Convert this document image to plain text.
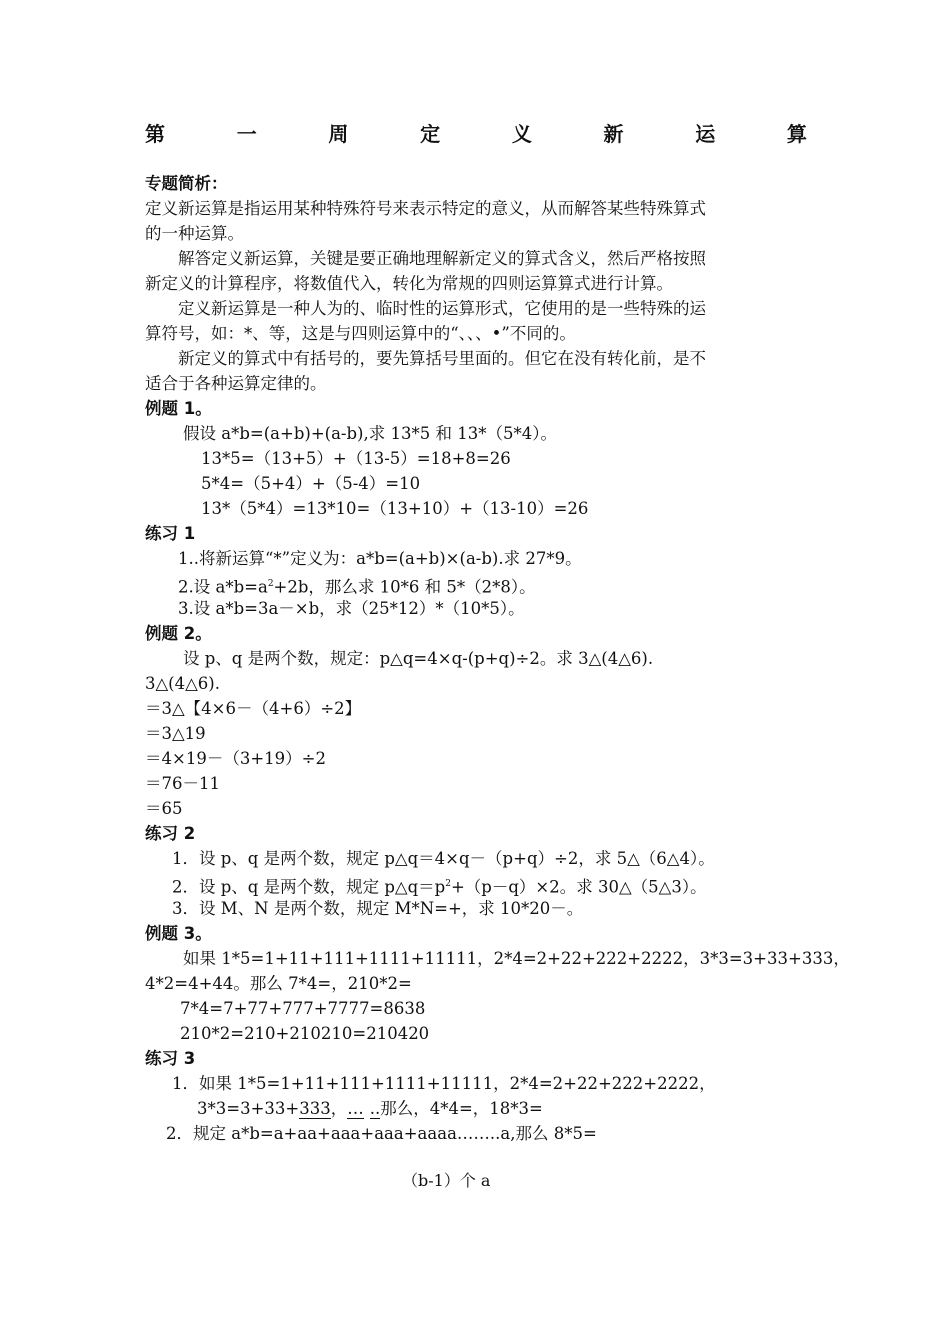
第	一	周	定	义	新	运	算
专题简析：
定义新运算是指运用某种特殊符号来表示特定的意义，从而解答某些特殊算式
的一种运算。
解答定义新运算，关键是要正确地理解新定义的算式含义，然后严格按照
新定义的计算程序，将数值代入，转化为常规的四则运算算式进行计算。
定义新运算是一种人为的、临时性的运算形式，它使用的是一些特殊的运
算符号，如：*、等，这是与四则运算中的“、、、•”不同的。
新定义的算式中有括号的，要先算括号里面的。但它在没有转化前，是不
适合于各种运算定律的。
例题 1。
假设 a*b=(a+b)+(a-b),求 13*5 和 13*（5*4）。
13*5=（13+5）+（13-5）=18+8=26
5*4=（5+4）+（5-4）=10
13*（5*4）=13*10=（13+10）+（13-10）=26
练习 1
1..将新运算“*”定义为：a*b=(a+b)×(a-b).求 27*9。
2.设 $a*b=a^2+2b$，那么求 10*6 和 5*（2*8）。
3.设 a*b=3a－×b，求（25*12）*（10*5）。
例题 2。
设 p、q 是两个数，规定：p△q=4×q-(p+q)÷2。求 3△(4△6).
3△(4△6).
＝3△【4×6－（4+6）÷2】
＝3△19
＝4×19－（3+19）÷2
＝76－11
＝65
练习 2
1．设 p、q 是两个数，规定 p△q＝4×q－（p+q）÷2，求 5△（6△4）。
2．设 p、q 是两个数，规定 $p\triangle q=p^2+(p-q)\times 2$。求 30△（5△3）。
3．设 M、N 是两个数，规定 M*N=+，求 10*20－。
例题 3。
如果 1*5=1+11+111+1111+11111，2*4=2+22+222+2222，3*3=3+33+333，
4*2=4+44。那么 7*4=，210*2=
7*4=7+77+777+7777=8638
210*2=210+210210=210420
练习 3
1．如果 1*5=1+11+111+1111+11111，2*4=2+22+222+2222，
3*3=3+33+333，… ..那么，4*4=，18*3=
2．规定 a*b=a+aa+aaa+aaa+aaaa……..a,那么 8*5=
（b-1）个 a
